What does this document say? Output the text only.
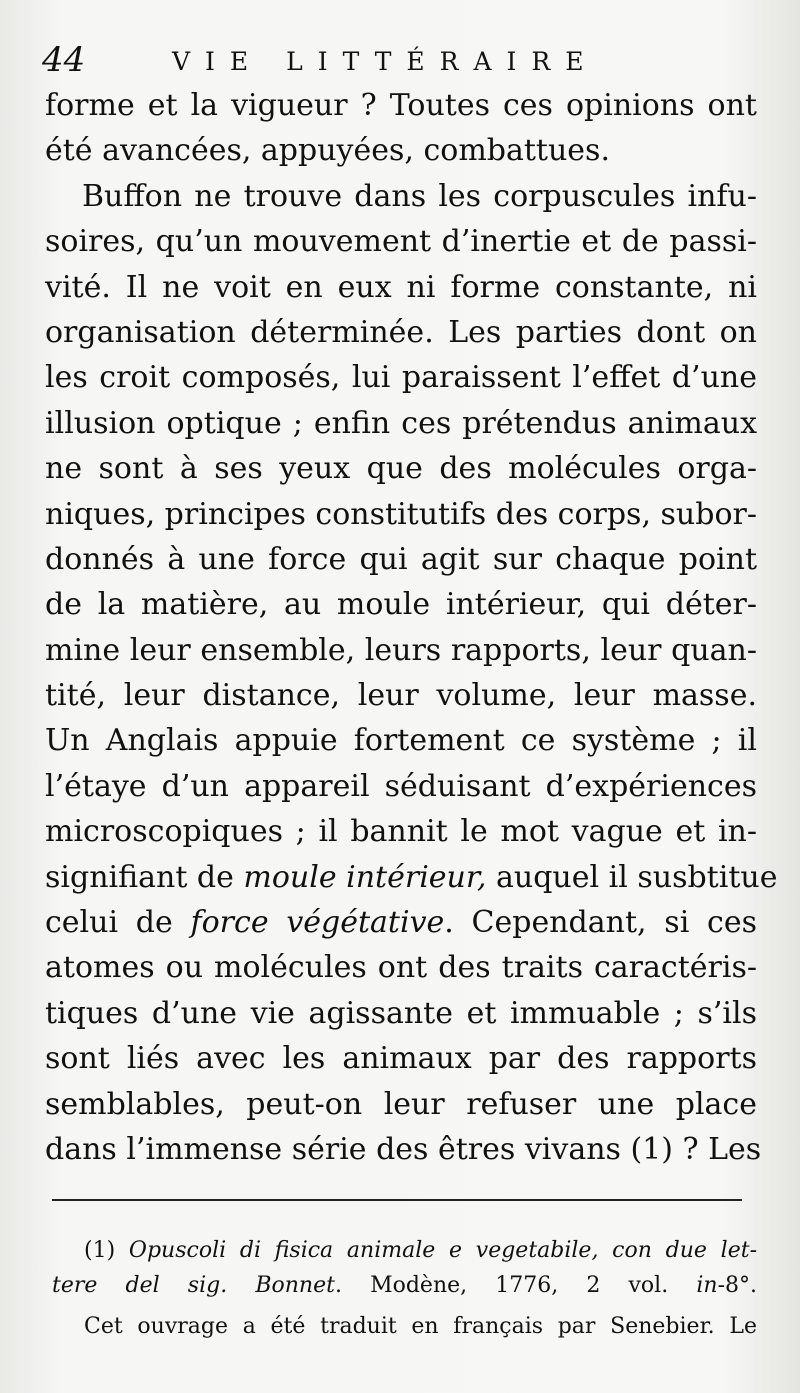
44	VIE LITTÉRAIRE
forme et la vigueur ? Toutes ces opinions ont
été avancées, appuyées, combattues.
Buffon ne trouve dans les corpuscules infu-
soires, qu’un mouvement d’inertie et de passi-
vité. Il ne voit en eux ni forme constante, ni
organisation déterminée. Les parties dont on
les croit composés, lui paraissent l’effet d’une
illusion optique ; enfin ces prétendus animaux
ne sont à ses yeux que des molécules orga-
niques, principes constitutifs des corps, subor-
donnés à une force qui agit sur chaque point
de la matière, au moule intérieur, qui déter-
mine leur ensemble, leurs rapports, leur quan-
tité, leur distance, leur volume, leur masse.
Un Anglais appuie fortement ce système ; il
l’étaye d’un appareil séduisant d’expériences
microscopiques ; il bannit le mot vague et in-
signifiant de moule intérieur, auquel il susbtitue
celui de force végétative. Cependant, si ces
atomes ou molécules ont des traits caractéris-
tiques d’une vie agissante et immuable ; s’ils
sont liés avec les animaux par des rapports
semblables, peut-on leur refuser une place
dans l’immense série des êtres vivans (1) ? Les
(1) Opuscoli di fisica animale e vegetabile, con due let-
tere del sig. Bonnet. Modène, 1776, 2 vol. in-8°.
Cet ouvrage a été traduit en français par Senebier. Le
